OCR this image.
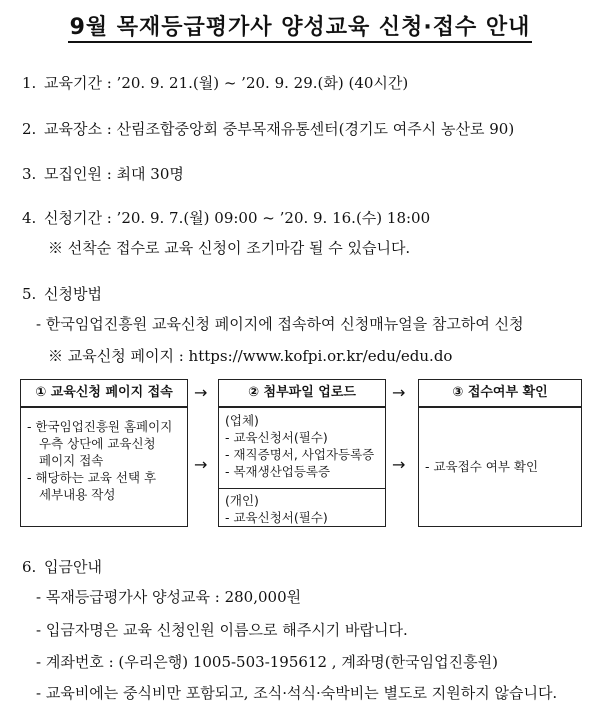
9월 목재등급평가사 양성교육 신청·접수 안내
1. 교육기간 : ’20. 9. 21.(월) ~ ’20. 9. 29.(화) (40시간)
2. 교육장소 : 산림조합중앙회 중부목재유통센터(경기도 여주시 농산로 90)
3. 모집인원 : 최대 30명
4. 신청기간 : ’20. 9. 7.(월) 09:00 ~ ’20. 9. 16.(수) 18:00
※ 선착순 접수로 교육 신청이 조기마감 될 수 있습니다.
5. 신청방법
- 한국임업진흥원 교육신청 페이지에 접속하여 신청매뉴얼을 참고하여 신청
※ 교육신청 페이지 : https://www.kofpi.or.kr/edu/edu.do
① 교육신청 페이지 접속
- 한국임업진흥원 홈페이지
우측 상단에 교육신청
페이지 접속
- 해당하는 교육 선택 후
세부내용 작성
→
→
② 첨부파일 업로드
(업체)
- 교육신청서(필수)
- 재직증명서, 사업자등록증
- 목재생산업등록증
(개인)
- 교육신청서(필수)
→
→
③ 접수여부 확인
- 교육접수 여부 확인
6. 입금안내
- 목재등급평가사 양성교육 : 280,000원
- 입금자명은 교육 신청인원 이름으로 해주시기 바랍니다.
- 계좌번호 : (우리은행) 1005-503-195612 , 계좌명(한국임업진흥원)
- 교육비에는 중식비만 포함되고, 조식·석식·숙박비는 별도로 지원하지 않습니다.
